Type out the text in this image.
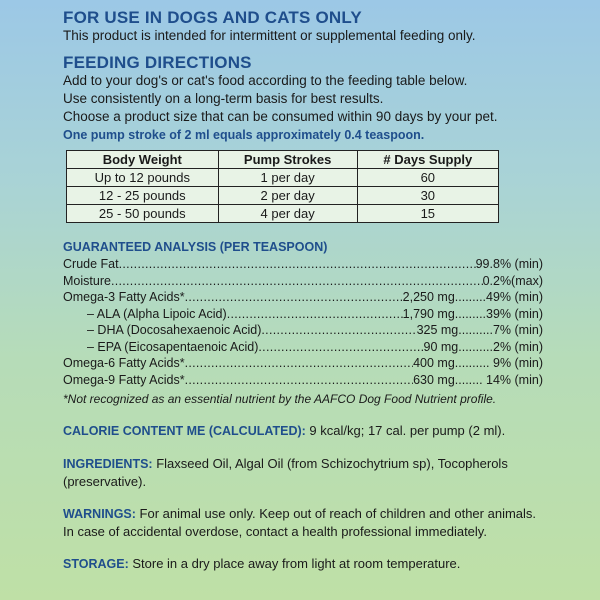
FOR USE IN DOGS AND CATS ONLY
This product is intended for intermittent or supplemental feeding only.
FEEDING DIRECTIONS
Add to your dog's or cat's food according to the feeding table below.
Use consistently on a long-term basis for best results.
Choose a product size that can be consumed within 90 days by your pet.
One pump stroke of 2 ml equals approximately 0.4 teaspoon.
Body Weight	Pump Strokes	# Days Supply
Up to 12 pounds	1 per day	60
12 - 25 pounds	2 per day	30
25 - 50 pounds	4 per day	15
GUARANTEED ANALYSIS (PER TEASPOON)
Crude Fat .....	99.8% (min)
Moisture .....	0.2%(max)
Omega-3 Fatty Acids* .....	2,250 mg.........49% (min)
– ALA (Alpha Lipoic Acid) .....	1,790 mg.........39% (min)
– DHA (Docosahexaenoic Acid) .....	325 mg..........7% (min)
– EPA (Eicosapentaenoic Acid) .....	90 mg..........2% (min)
Omega-6 Fatty Acids* .....	400 mg.......... 9% (min)
Omega-9 Fatty Acids* .....	630 mg........ 14% (min)
*Not recognized as an essential nutrient by the AAFCO Dog Food Nutrient profile.
CALORIE CONTENT ME (CALCULATED): 9 kcal/kg; 17 cal. per pump (2 ml).
INGREDIENTS: Flaxseed Oil, Algal Oil (from Schizochytrium sp), Tocopherols (preservative).
WARNINGS: For animal use only. Keep out of reach of children and other animals. In case of accidental overdose, contact a health professional immediately.
STORAGE: Store in a dry place away from light at room temperature.
